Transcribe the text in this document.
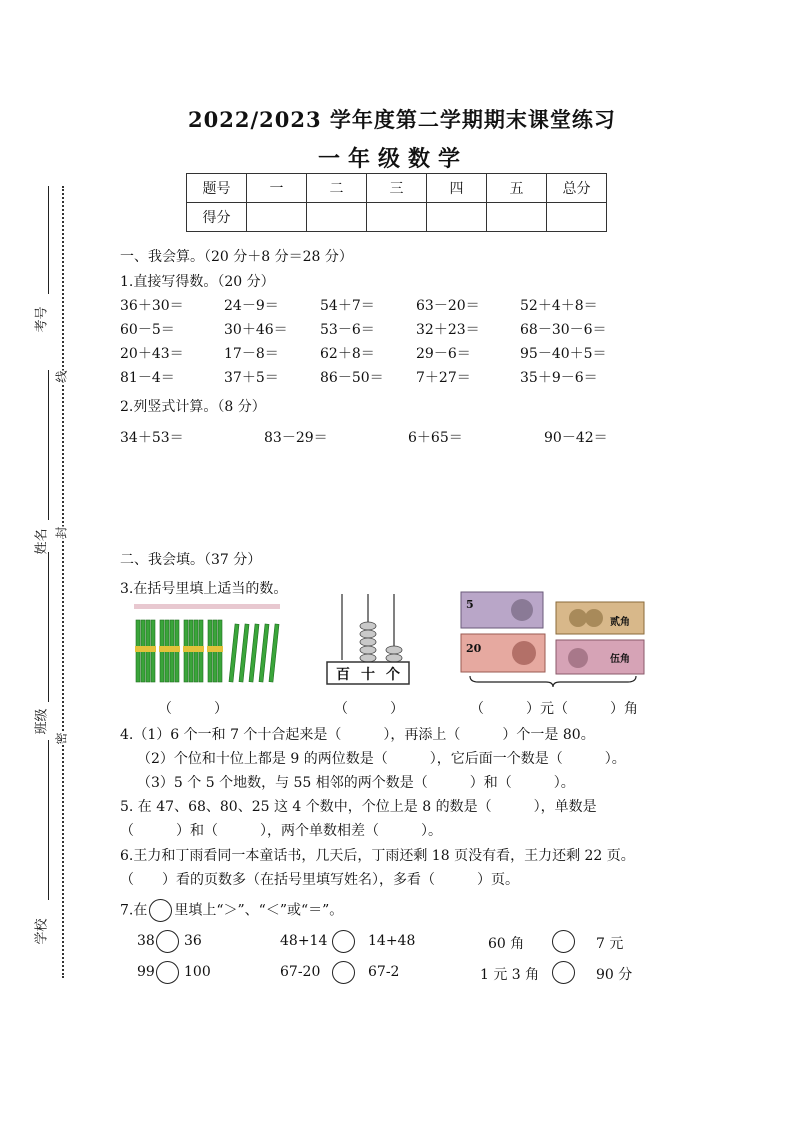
2022/2023 学年度第二学期期末课堂练习
一年级数学
题号	一	二	三	四	五	总分
得分						
考号
姓名
班级
学校
线
封
密
一、我会算。（20 分＋8 分＝28 分）
1.直接写得数。（20 分）
36＋30＝	24－9＝	54＋7＝	63－20＝	52＋4＋8＝
60－5＝	30＋46＝ 53－6＝	32＋23＝	68－30－6＝
20＋43＝	17－8＝	62＋8＝	29－6＝	95－40＋5＝
81－4＝	37＋5＝	86－50＝ 7＋27＝	35＋9－6＝
2.列竖式计算。（8 分）
34＋53＝	83－29＝	6＋65＝	90－42＝
二、我会填。（37 分）
3.在括号里填上适当的数。
百 十 个
5
20
贰角
伍角
（　　　）	（　　　）	（　　　）元（　　　）角
4.（1）6 个一和 7 个十合起来是（　　　），再添上（　　　）个一是 80。
（2）个位和十位上都是 9 的两位数是（　　　），它后面一个数是（　　　）。
（3）5 个 5 个地数，与 55 相邻的两个数是（　　　）和（　　　）。
5. 在 47、68、80、25 这 4 个数中，个位上是 8 的数是（　　　），单数是
（　　　）和（　　　），两个单数相差（　　　）。
6.王力和丁雨看同一本童话书，几天后，丁雨还剩 18 页没有看，王力还剩 22 页。
（　　）看的页数多（在括号里填写姓名），多看（　　　）页。
7.在 里填上“＞”、“＜”或“＝”。
38 36	48+14	14+48	60 角	7 元
99 100	67-20	67-2	1 元 3 角	90 分
